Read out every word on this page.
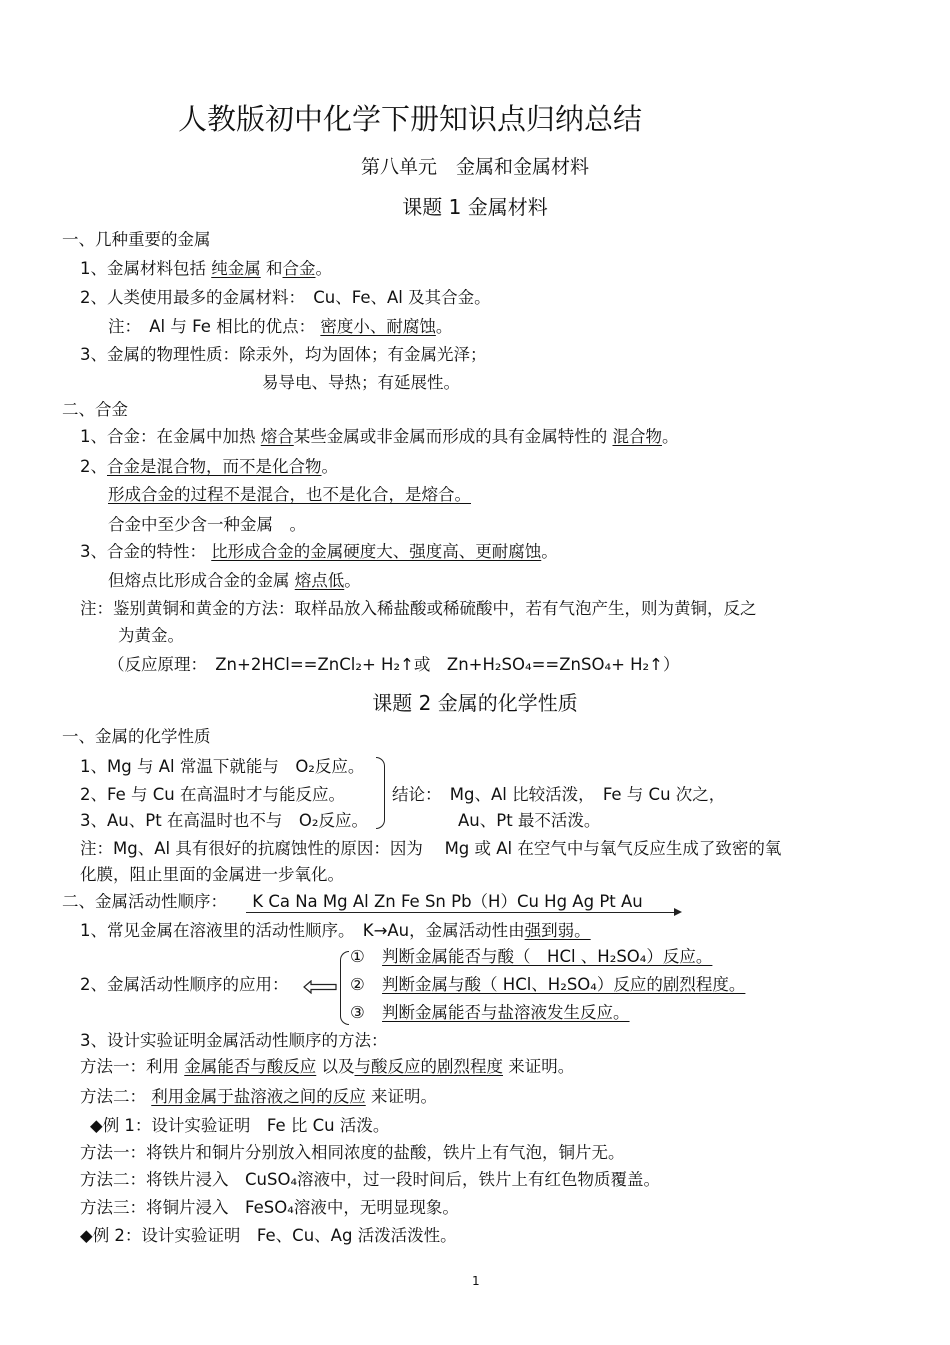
人教版初中化学下册知识点归纳总结
第八单元　金属和金属材料
课题 1 金属材料
一、几种重要的金属
1、金属材料包括 纯金属 和合金。
2、人类使用最多的金属材料：　Cu、Fe、Al 及其合金。
注：　Al 与 Fe 相比的优点： 密度小、耐腐蚀。
3、金属的物理性质：除汞外，均为固体；有金属光泽；
易导电、导热；有延展性。
二、合金
1、合金：在金属中加热 熔合某些金属或非金属而形成的具有金属特性的 混合物。
2、合金是混合物，而不是化合物。
形成合金的过程不是混合，也不是化合，是熔合。
合金中至少含一种金属　。
3、合金的特性： 比形成合金的金属硬度大、强度高、更耐腐蚀。
但熔点比形成合金的金属 熔点低。
注：鉴别黄铜和黄金的方法：取样品放入稀盐酸或稀硫酸中，若有气泡产生，则为黄铜，反之
为黄金。
（反应原理：　Zn+2HCl==ZnCl₂+ H₂↑或　Zn+H₂SO₄==ZnSO₄+ H₂↑）
课题 2 金属的化学性质
一、金属的化学性质
1、Mg 与 Al 常温下就能与　O₂反应。
2、Fe 与 Cu 在高温时才与能反应。
3、Au、Pt 在高温时也不与　O₂反应。
结论：　Mg、Al 比较活泼，　Fe 与 Cu 次之，
Au、Pt 最不活泼。
注：Mg、Al 具有很好的抗腐蚀性的原因：因为　 Mg 或 Al 在空气中与氧气反应生成了致密的氧
化膜，阻止里面的金属进一步氧化。
二、金属活动性顺序： K Ca Na Mg Al Zn Fe Sn Pb（H）Cu Hg Ag Pt Au
1、常见金属在溶液里的活动性顺序。　K→Au，金属活动性由强到弱。
2、金属活动性顺序的应用：
① 判断金属能否与酸（　HCl 、H₂SO₄）反应。
② 判断金属与酸（ HCl、H₂SO₄）反应的剧烈程度。
③ 判断金属能否与盐溶液发生反应。
3、设计实验证明金属活动性顺序的方法：
方法一：利用 金属能否与酸反应 以及与酸反应的剧烈程度 来证明。
方法二： 利用金属于盐溶液之间的反应 来证明。
◆例 1：设计实验证明　Fe 比 Cu 活泼。
方法一：将铁片和铜片分别放入相同浓度的盐酸，铁片上有气泡，铜片无。
方法二：将铁片浸入　CuSO₄溶液中，过一段时间后，铁片上有红色物质覆盖。
方法三：将铜片浸入　FeSO₄溶液中，无明显现象。
◆例 2：设计实验证明　Fe、Cu、Ag 活泼活泼性。
1
